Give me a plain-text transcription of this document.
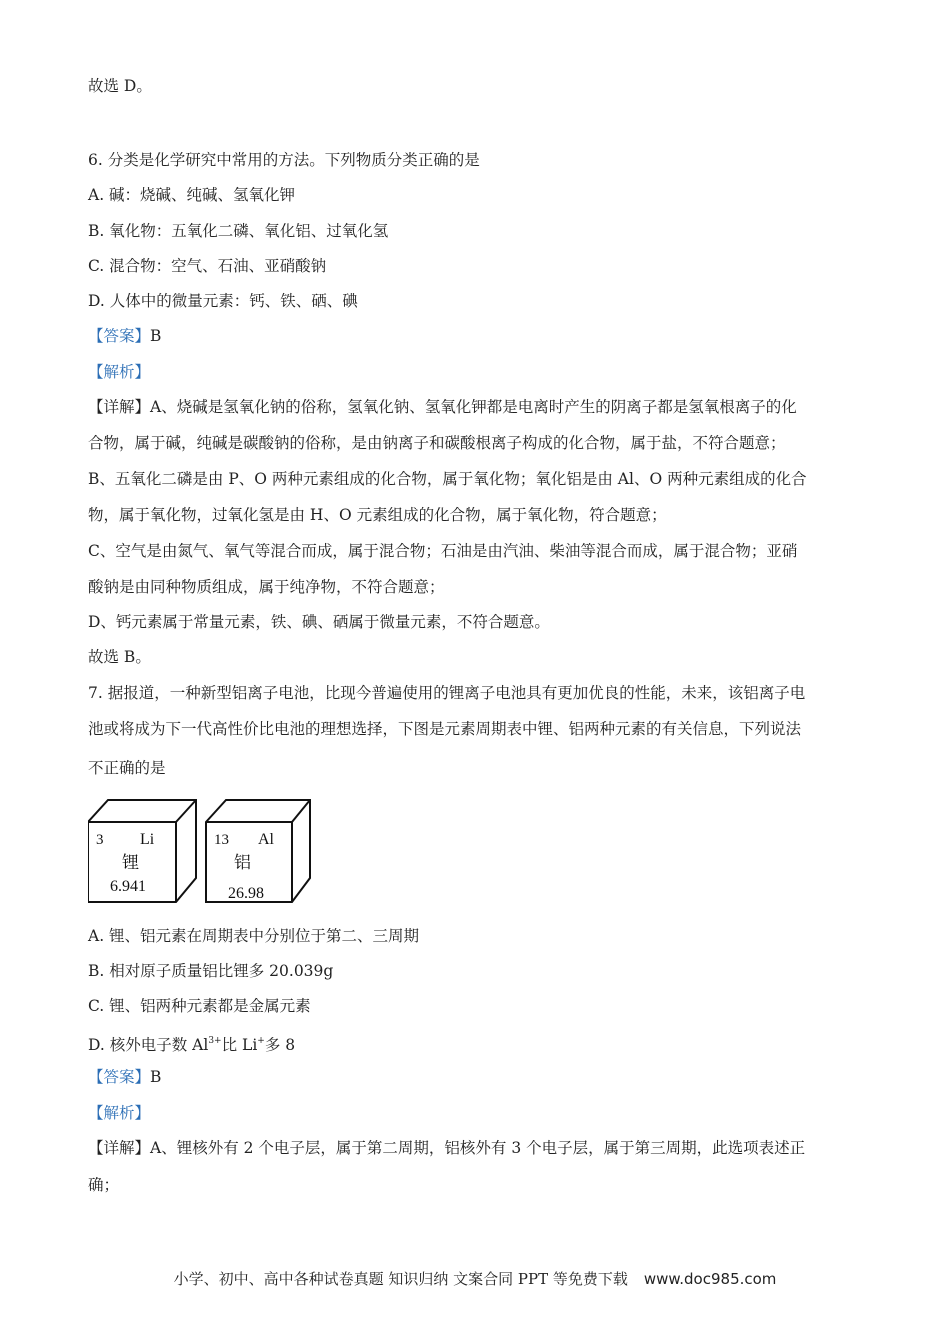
故选 D。
6. 分类是化学研究中常用的方法。下列物质分类正确的是
A. 碱：烧碱、纯碱、氢氧化钾
B. 氧化物：五氧化二磷、氧化铝、过氧化氢
C. 混合物：空气、石油、亚硝酸钠
D. 人体中的微量元素：钙、铁、硒、碘
【答案】B
【解析】
【详解】A、烧碱是氢氧化钠的俗称，氢氧化钠、氢氧化钾都是电离时产生的阴离子都是氢氧根离子的化
合物，属于碱，纯碱是碳酸钠的俗称，是由钠离子和碳酸根离子构成的化合物，属于盐，不符合题意；
B、五氧化二磷是由 P、O 两种元素组成的化合物，属于氧化物；氧化铝是由 Al、O 两种元素组成的化合
物，属于氧化物，过氧化氢是由 H、O 元素组成的化合物，属于氧化物，符合题意；
C、空气是由氮气、氧气等混合而成，属于混合物；石油是由汽油、柴油等混合而成，属于混合物；亚硝
酸钠是由同种物质组成，属于纯净物，不符合题意；
D、钙元素属于常量元素，铁、碘、硒属于微量元素，不符合题意。
故选 B。
7. 据报道，一种新型铝离子电池，比现今普遍使用的锂离子电池具有更加优良的性能，未来，该铝离子电
池或将成为下一代高性价比电池的理想选择，下图是元素周期表中锂、铝两种元素的有关信息，下列说法
不正确的是
3 Li
锂
6.941
13 Al
铝
26.98
A. 锂、铝元素在周期表中分别位于第二、三周期
B. 相对原子质量铝比锂多 20.039g
C. 锂、铝两种元素都是金属元素
D. 核外电子数 $Al^{3+}$比 Li+多 8
【答案】B
【解析】
【详解】A、锂核外有 2 个电子层，属于第二周期，铝核外有 3 个电子层，属于第三周期，此选项表述正
确；
小学、初中、高中各种试卷真题 知识归纳 文案合同 PPT 等免费下载 www.doc985.com
